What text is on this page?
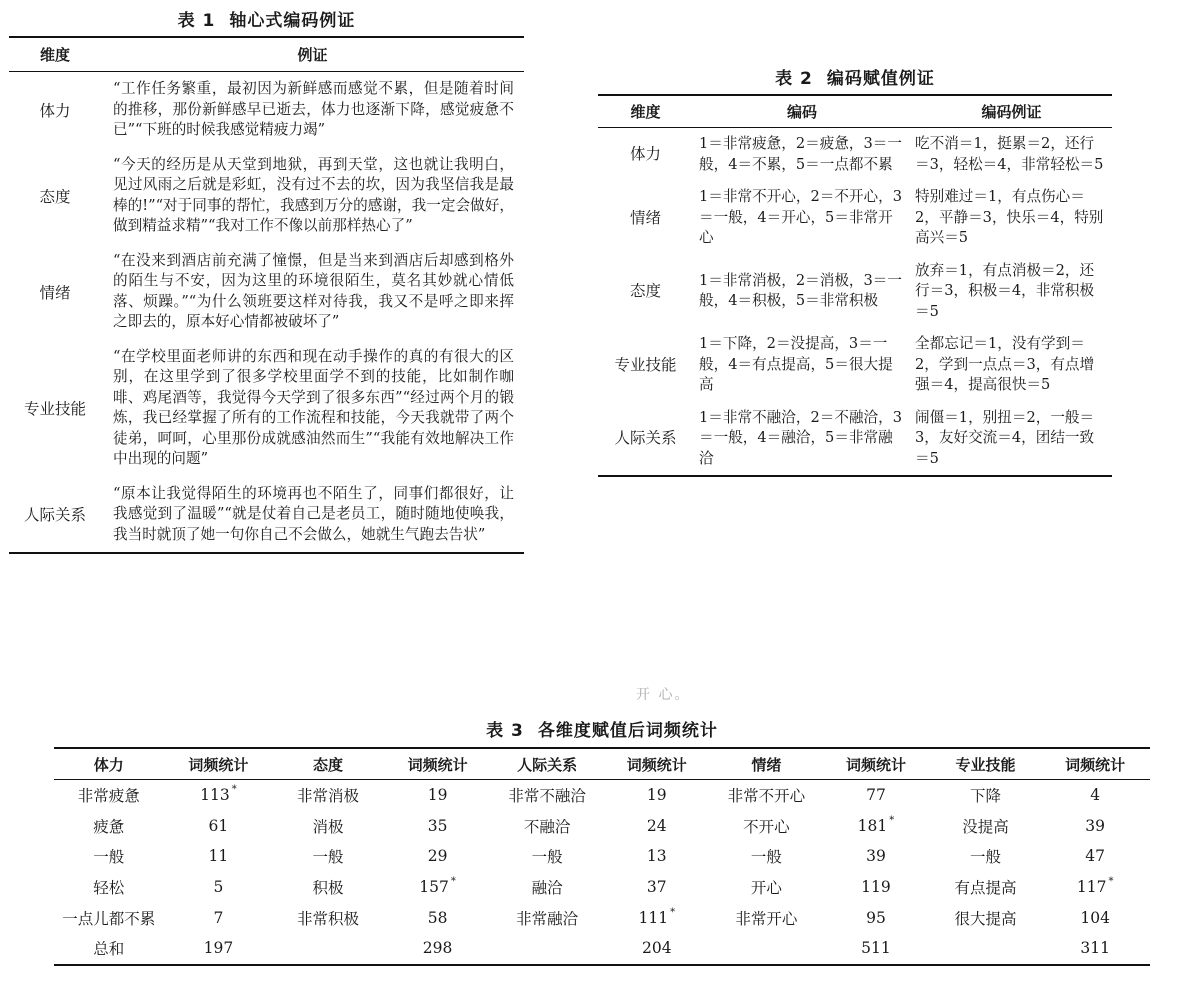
表 1 轴心式编码例证
维度	例证
体力	“工作任务繁重，最初因为新鲜感而感觉不累，但是随着时间的推移，那份新鲜感早已逝去，体力也逐渐下降，感觉疲惫不已”“下班的时候我感觉精疲力竭”
态度	“今天的经历是从天堂到地狱，再到天堂，这也就让我明白，见过风雨之后就是彩虹，没有过不去的坎，因为我坚信我是最棒的!”“对于同事的帮忙，我感到万分的感谢，我一定会做好，做到精益求精”“我对工作不像以前那样热心了”
情绪	“在没来到酒店前充满了憧憬，但是当来到酒店后却感到格外的陌生与不安，因为这里的环境很陌生，莫名其妙就心情低落、烦躁。”“为什么领班要这样对待我，我又不是呼之即来挥之即去的，原本好心情都被破坏了”
专业技能	“在学校里面老师讲的东西和现在动手操作的真的有很大的区别，在这里学到了很多学校里面学不到的技能，比如制作咖啡、鸡尾酒等，我觉得今天学到了很多东西”“经过两个月的锻炼，我已经掌握了所有的工作流程和技能，今天我就带了两个徒弟，呵呵，心里那份成就感油然而生”“我能有效地解决工作中出现的问题”
人际关系	“原本让我觉得陌生的环境再也不陌生了，同事们都很好，让我感觉到了温暖”“就是仗着自己是老员工，随时随地使唤我，我当时就顶了她一句你自己不会做么，她就生气跑去告状”
表 2 编码赋值例证
维度	编码	编码例证
体力	1＝非常疲惫，2＝疲惫，3＝一般，4＝不累，5＝一点都不累	吃不消＝1，挺累＝2，还行＝3，轻松＝4，非常轻松＝5
情绪	1＝非常不开心，2＝不开心，3＝一般，4＝开心，5＝非常开心	特别难过＝1，有点伤心＝2，平静＝3，快乐＝4，特别高兴＝5
态度	1＝非常消极，2＝消极，3＝一般，4＝积极，5＝非常积极	放弃＝1，有点消极＝2，还行＝3，积极＝4，非常积极＝5
专业技能	1＝下降，2＝没提高，3＝一般，4＝有点提高，5＝很大提高	全都忘记＝1，没有学到＝2，学到一点点＝3，有点增强＝4，提高很快＝5
人际关系	1＝非常不融洽，2＝不融洽，3＝一般，4＝融洽，5＝非常融洽	闹僵＝1，别扭＝2，一般＝3，友好交流＝4，团结一致＝5
开 心。
表 3 各维度赋值后词频统计
体力	词频统计	态度	词频统计	人际关系	词频统计	情绪	词频统计	专业技能	词频统计
非常疲惫	113 *	非常消极	19	非常不融洽	19	非常不开心	77	下降	4
疲惫	61	消极	35	不融洽	24	不开心	181 *	没提高	39
一般	11	一般	29	一般	13	一般	39	一般	47
轻松	5	积极	157 *	融洽	37	开心	119	有点提高	117 *
一点儿都不累	7	非常积极	58	非常融洽	111 *	非常开心	95	很大提高	104
总和	197		298		204		511		311
